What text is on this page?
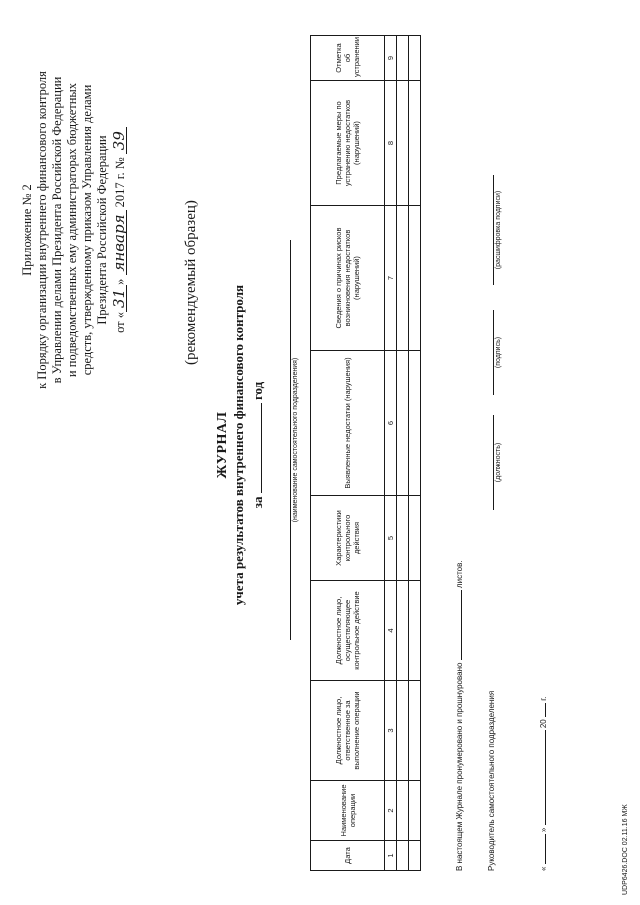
Приложение № 2 к Порядку организации внутреннего финансового контроля в Управлении делами Президента Российской Федерации и подведомственных ему администраторах бюджетных средств, утвержденному приказом Управления делами Президента Российской Федерации от «31» января 2017 г. № 39
(рекомендуемый образец)
ЖУРНАЛ учета результатов внутреннего финансового контроля за  год	(наименование самостоятельного подразделения)
Дата	Наименование операции	Должностное лицо, ответственное за выполнение операции	Должностное лицо, осуществляющее контрольное действие	Характеристики контрольного действия	Выявленные недостатки (нарушения)	Сведения о причинах рисков возникновения недостатков (нарушений)	Предлагаемые меры по устранению недостатков (нарушений)	Отметка об устранении
1	2	3	4	5	6	7	8	9

В настоящем Журнале пронумеровано и прошнуровано  листов.
Руководитель самостоятельного подразделения
(должность)
(подпись)
(расшифровка подписи)
«  »  20  г.
UDP6426.DOC 02.11.16 MЖ
